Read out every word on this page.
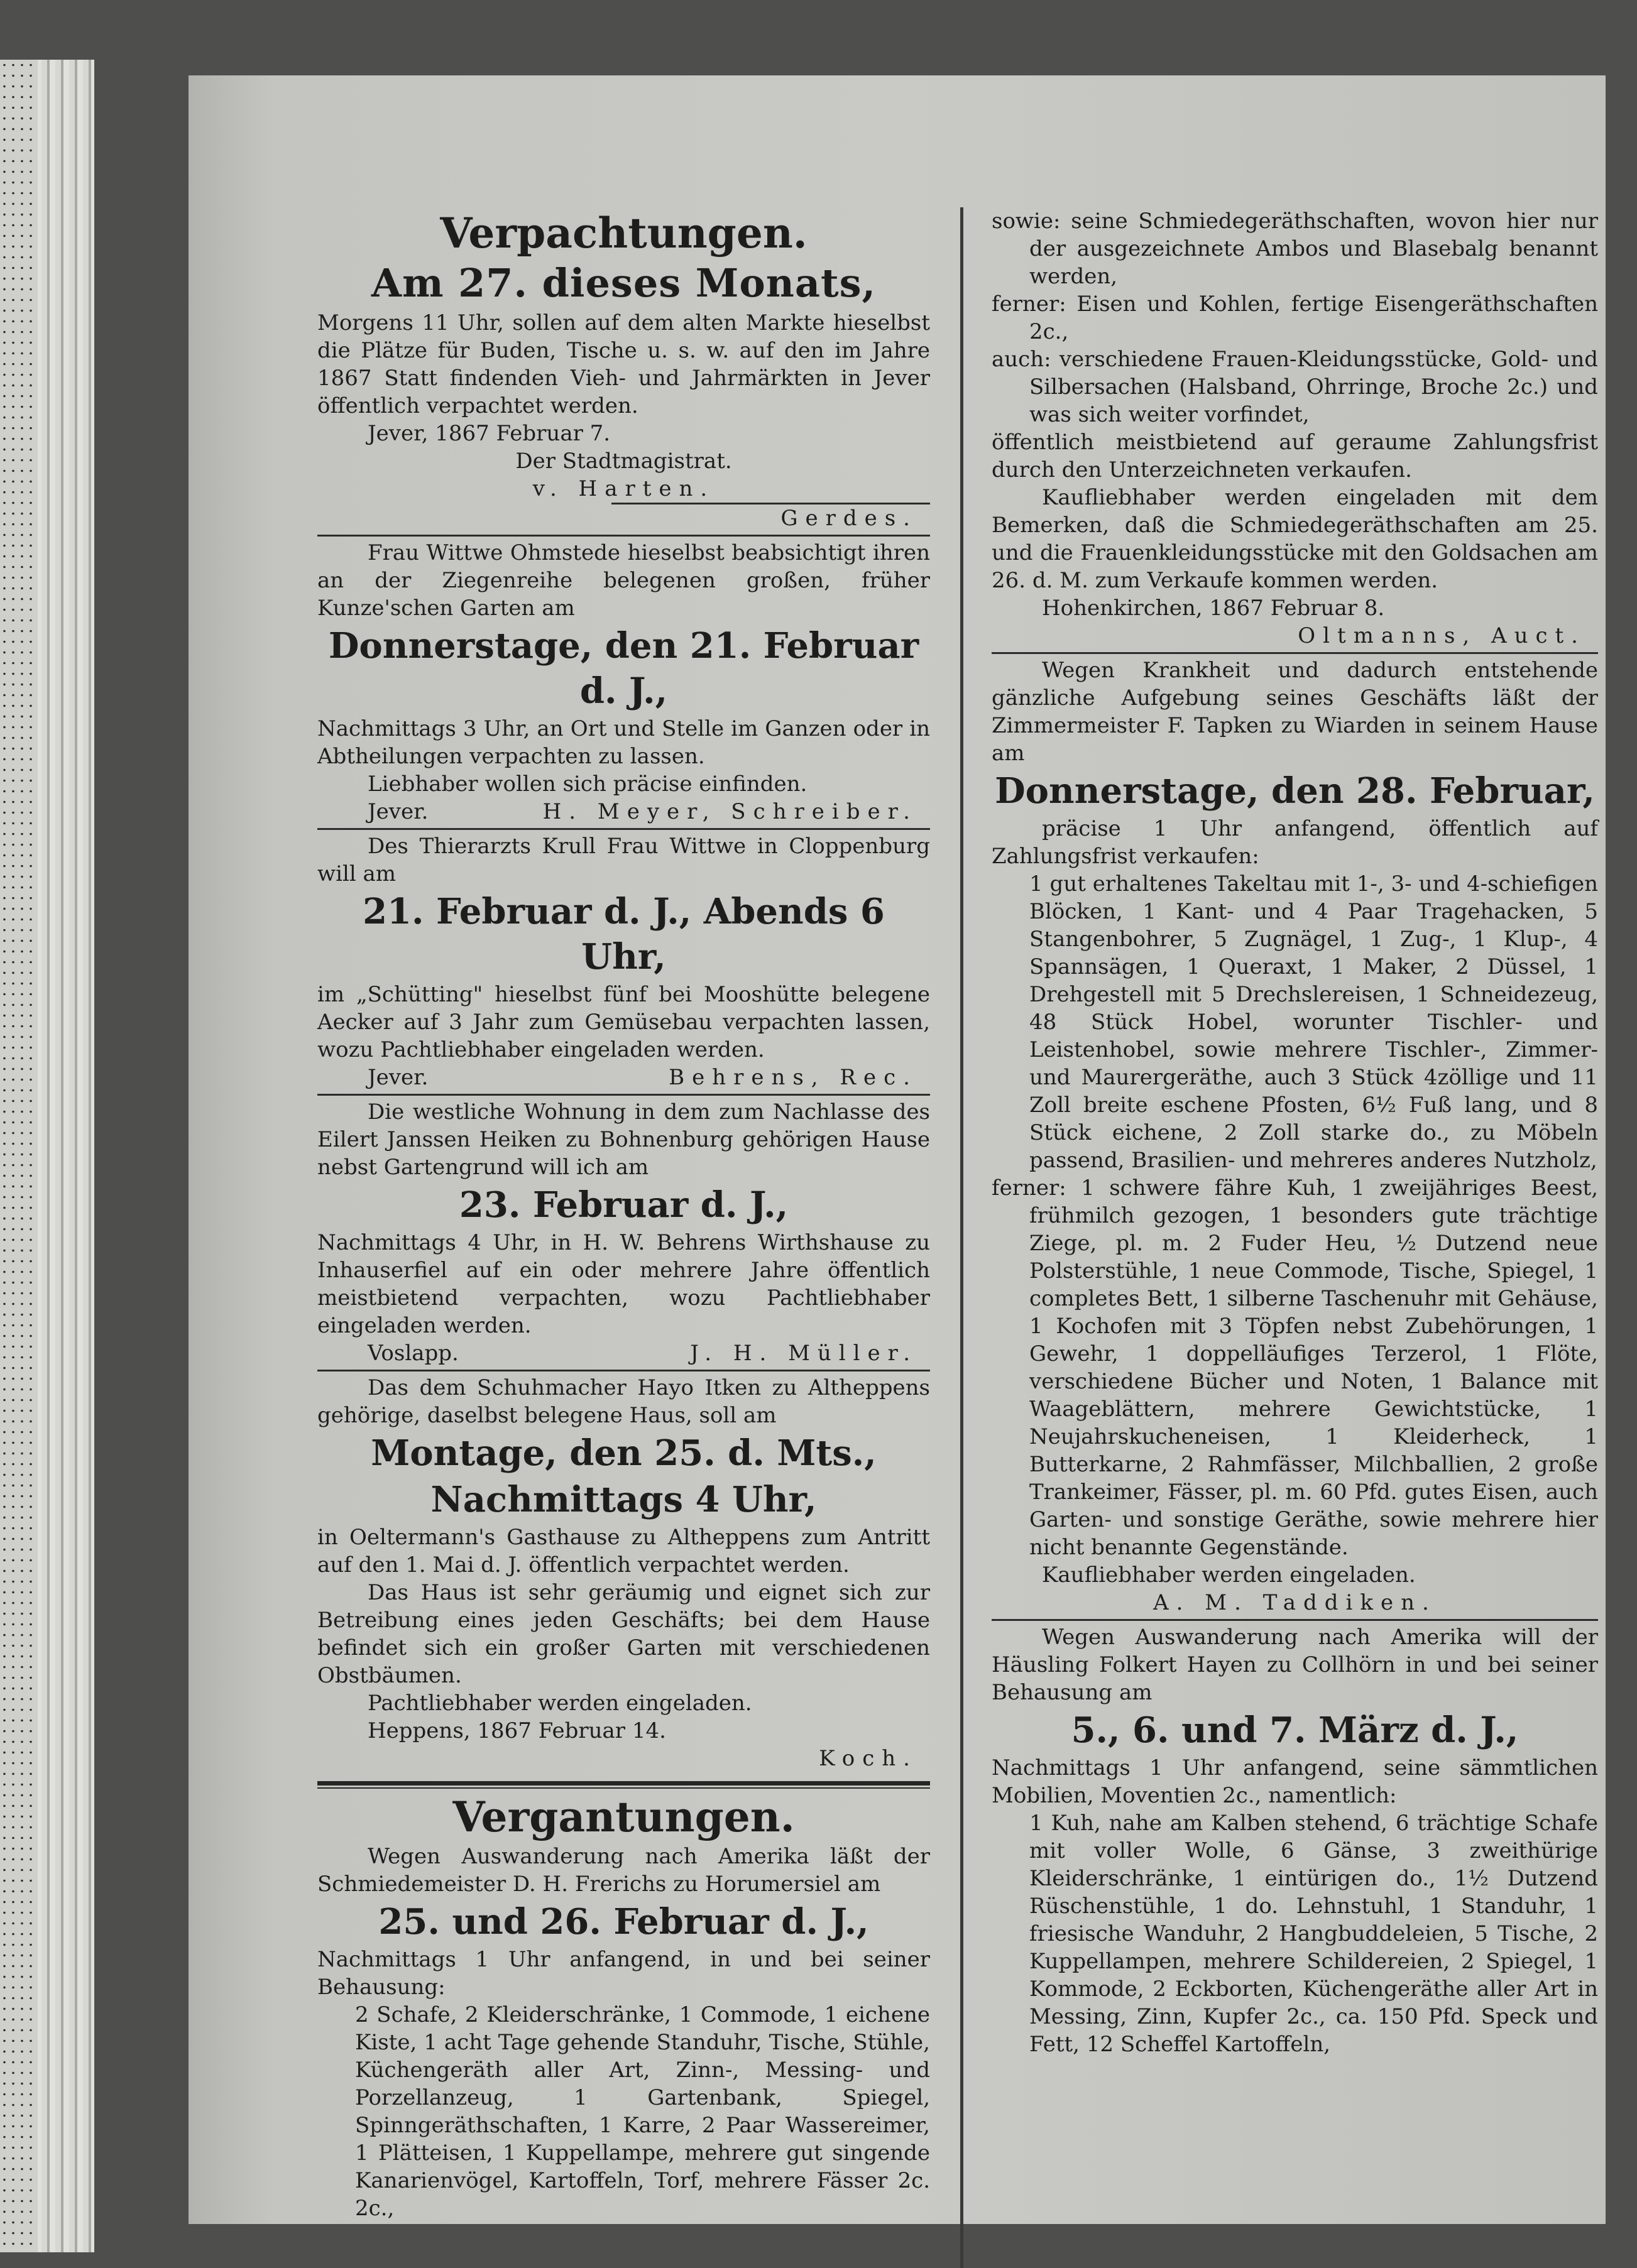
Verpachtungen.
Am 27. dieses Monats,

Morgens 11 Uhr, sollen auf dem alten Markte hieselbst die Plätze für Buden, Tische u. s. w. auf den im Jahre 1867 Statt findenden Vieh- und Jahrmärkten in Jever öffentlich verpachtet werden.

Jever, 1867 Februar 7.

Der Stadtmagistrat.

v. Harten.

Gerdes.

Frau Wittwe Ohmstede hieselbst beabsichtigt ihren an der Ziegenreihe belegenen großen, früher Kunze'schen Garten am

Donnerstage, den 21. Februar d. J.,

Nachmittags 3 Uhr, an Ort und Stelle im Ganzen oder in Abtheilungen verpachten zu lassen.

Liebhaber wollen sich präcise einfinden.

Jever.	H. Meyer, Schreiber.

Des Thierarzts Krull Frau Wittwe in Cloppenburg will am

21. Februar d. J., Abends 6 Uhr,

im „Schütting" hieselbst fünf bei Mooshütte belegene Aecker auf 3 Jahr zum Gemüsebau verpachten lassen, wozu Pachtliebhaber eingeladen werden.

Jever.	Behrens, Rec.

Die westliche Wohnung in dem zum Nachlasse des Eilert Janssen Heiken zu Bohnenburg gehörigen Hause nebst Gartengrund will ich am

23. Februar d. J.,

Nachmittags 4 Uhr, in H. W. Behrens Wirthshause zu Inhauserfiel auf ein oder mehrere Jahre öffentlich meistbietend verpachten, wozu Pachtliebhaber eingeladen werden.

Voslapp.	J. H. Müller.

Das dem Schuhmacher Hayo Itken zu Altheppens gehörige, daselbst belegene Haus, soll am

Montage, den 25. d. Mts.,
Nachmittags 4 Uhr,

in Oeltermann's Gasthause zu Altheppens zum Antritt auf den 1. Mai d. J. öffentlich verpachtet werden.

Das Haus ist sehr geräumig und eignet sich zur Betreibung eines jeden Geschäfts; bei dem Hause befindet sich ein großer Garten mit verschiedenen Obstbäumen.

Pachtliebhaber werden eingeladen.

Heppens, 1867 Februar 14.

Koch.

Vergantungen.

Wegen Auswanderung nach Amerika läßt der Schmiedemeister D. H. Frerichs zu Horumersiel am

25. und 26. Februar d. J.,

Nachmittags 1 Uhr anfangend, in und bei seiner Behausung:

2 Schafe, 2 Kleiderschränke, 1 Commode, 1 eichene Kiste, 1 acht Tage gehende Standuhr, Tische, Stühle, Küchengeräth aller Art, Zinn-, Messing- und Porzellanzeug, 1 Gartenbank, Spiegel, Spinngeräthschaften, 1 Karre, 2 Paar Wassereimer, 1 Plätteisen, 1 Kuppellampe, mehrere gut singende Kanarienvögel, Kartoffeln, Torf, mehrere Fässer 2c. 2c.,

sowie: seine Schmiedegeräthschaften, wovon hier nur der ausgezeichnete Ambos und Blasebalg benannt werden,

ferner: Eisen und Kohlen, fertige Eisengeräthschaften 2c.,

auch: verschiedene Frauen-Kleidungsstücke, Gold- und Silbersachen (Halsband, Ohrringe, Broche 2c.) und was sich weiter vorfindet,

öffentlich meistbietend auf geraume Zahlungsfrist durch den Unterzeichneten verkaufen.

Kaufliebhaber werden eingeladen mit dem Bemerken, daß die Schmiedegeräthschaften am 25. und die Frauenkleidungsstücke mit den Goldsachen am 26. d. M. zum Verkaufe kommen werden.

Hohenkirchen, 1867 Februar 8.

Oltmanns, Auct.

Wegen Krankheit und dadurch entstehende gänzliche Aufgebung seines Geschäfts läßt der Zimmermeister F. Tapken zu Wiarden in seinem Hause am

Donnerstage, den 28. Februar,

präcise 1 Uhr anfangend, öffentlich auf Zahlungsfrist verkaufen:

1 gut erhaltenes Takeltau mit 1-, 3- und 4-schiefigen Blöcken, 1 Kant- und 4 Paar Tragehacken, 5 Stangenbohrer, 5 Zugnägel, 1 Zug-, 1 Klup-, 4 Spannsägen, 1 Queraxt, 1 Maker, 2 Düssel, 1 Drehgestell mit 5 Drechslereisen, 1 Schneidezeug, 48 Stück Hobel, worunter Tischler- und Leistenhobel, sowie mehrere Tischler-, Zimmer- und Maurergeräthe, auch 3 Stück 4zöllige und 11 Zoll breite eschene Pfosten, 6½ Fuß lang, und 8 Stück eichene, 2 Zoll starke do., zu Möbeln passend, Brasilien- und mehreres anderes Nutzholz,

ferner: 1 schwere fähre Kuh, 1 zweijähriges Beest, frühmilch gezogen, 1 besonders gute trächtige Ziege, pl. m. 2 Fuder Heu, ½ Dutzend neue Polsterstühle, 1 neue Commode, Tische, Spiegel, 1 completes Bett, 1 silberne Taschenuhr mit Gehäuse, 1 Kochofen mit 3 Töpfen nebst Zubehörungen, 1 Gewehr, 1 doppelläufiges Terzerol, 1 Flöte, verschiedene Bücher und Noten, 1 Balance mit Waageblättern, mehrere Gewichtstücke, 1 Neujahrskucheneisen, 1 Kleiderheck, 1 Butterkarne, 2 Rahmfässer, Milchballien, 2 große Trankeimer, Fässer, pl. m. 60 Pfd. gutes Eisen, auch Garten- und sonstige Geräthe, sowie mehrere hier nicht benannte Gegenstände.

Kaufliebhaber werden eingeladen.

A. M. Taddiken.

Wegen Auswanderung nach Amerika will der Häusling Folkert Hayen zu Collhörn in und bei seiner Behausung am

5., 6. und 7. März d. J.,

Nachmittags 1 Uhr anfangend, seine sämmtlichen Mobilien, Moventien 2c., namentlich:

1 Kuh, nahe am Kalben stehend, 6 trächtige Schafe mit voller Wolle, 6 Gänse, 3 zweithürige Kleiderschränke, 1 eintürigen do., 1½ Dutzend Rüschenstühle, 1 do. Lehnstuhl, 1 Standuhr, 1 friesische Wanduhr, 2 Hangbuddeleien, 5 Tische, 2 Kuppellampen, mehrere Schildereien, 2 Spiegel, 1 Kommode, 2 Eckborten, Küchengeräthe aller Art in Messing, Zinn, Kupfer 2c., ca. 150 Pfd. Speck und Fett, 12 Scheffel Kartoffeln,
